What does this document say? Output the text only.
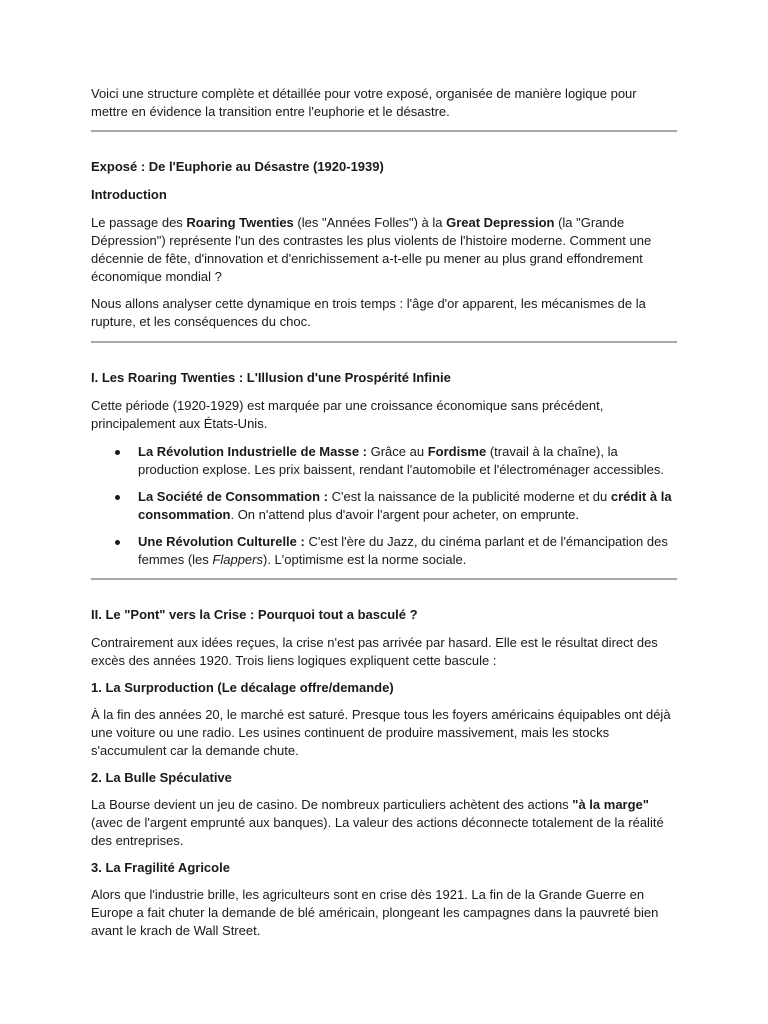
Voici une structure complète et détaillée pour votre exposé, organisée de manière logique pour mettre en évidence la transition entre l'euphorie et le désastre.

Exposé : De l'Euphorie au Désastre (1920-1939)

Introduction

Le passage des Roaring Twenties (les "Années Folles") à la Great Depression (la "Grande Dépression") représente l'un des contrastes les plus violents de l'histoire moderne. Comment une décennie de fête, d'innovation et d'enrichissement a-t-elle pu mener au plus grand effondrement économique mondial ?

Nous allons analyser cette dynamique en trois temps : l'âge d'or apparent, les mécanismes de la rupture, et les conséquences du choc.

I. Les Roaring Twenties : L'Illusion d'une Prospérité Infinie

Cette période (1920-1929) est marquée par une croissance économique sans précédent, principalement aux États-Unis.

La Révolution Industrielle de Masse : Grâce au Fordisme (travail à la chaîne), la production explose. Les prix baissent, rendant l'automobile et l'électroménager accessibles.
La Société de Consommation : C'est la naissance de la publicité moderne et du crédit à la consommation. On n'attend plus d'avoir l'argent pour acheter, on emprunte.
Une Révolution Culturelle : C'est l'ère du Jazz, du cinéma parlant et de l'émancipation des femmes (les Flappers). L'optimisme est la norme sociale.

II. Le "Pont" vers la Crise : Pourquoi tout a basculé ?

Contrairement aux idées reçues, la crise n'est pas arrivée par hasard. Elle est le résultat direct des excès des années 1920. Trois liens logiques expliquent cette bascule :

1. La Surproduction (Le décalage offre/demande)

À la fin des années 20, le marché est saturé. Presque tous les foyers américains équipables ont déjà une voiture ou une radio. Les usines continuent de produire massivement, mais les stocks s'accumulent car la demande chute.

2. La Bulle Spéculative

La Bourse devient un jeu de casino. De nombreux particuliers achètent des actions "à la marge" (avec de l'argent emprunté aux banques). La valeur des actions déconnecte totalement de la réalité des entreprises.

3. La Fragilité Agricole

Alors que l'industrie brille, les agriculteurs sont en crise dès 1921. La fin de la Grande Guerre en Europe a fait chuter la demande de blé américain, plongeant les campagnes dans la pauvreté bien avant le krach de Wall Street.
